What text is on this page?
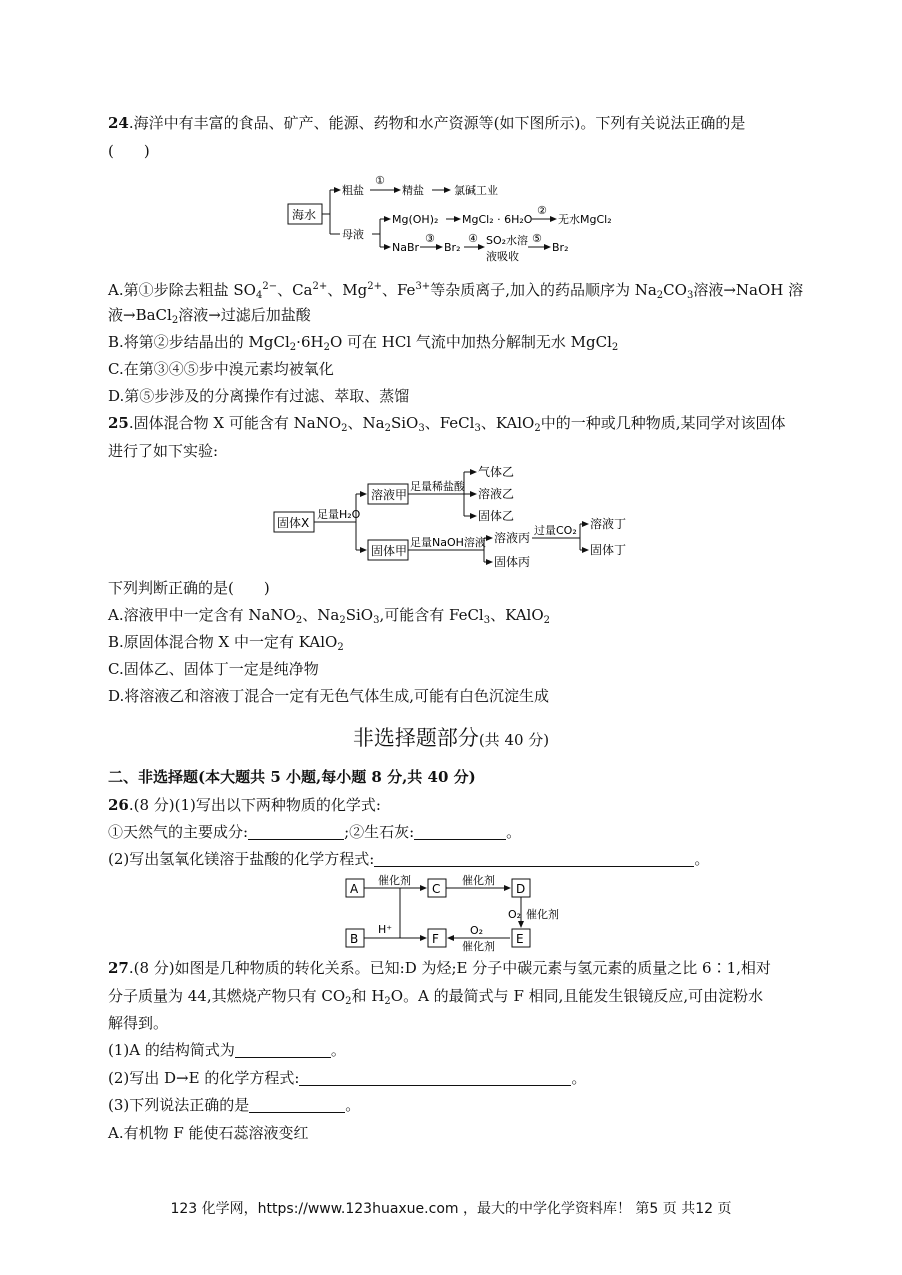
24.海洋中有丰富的食品、矿产、能源、药物和水产资源等(如下图所示)。下列有关说法正确的是
(　　)
海水
粗盐
①
精盐	氯碱工业
母液
Mg(OH)₂ MgCl₂ · 6H₂O
②
无水MgCl₂
NaBr
③
Br₂
④ SO₂水溶
液吸收
⑤
Br₂
A.第①步除去粗盐 $SO_4^{2-}$、$Ca^{2+}$、$Mg^{2+}$、$Fe^{3+}$等杂质离子,加入的药品顺序为 $Na_2CO_3$溶液→NaOH 溶
液→BaCl$_2$溶液→过滤后加盐酸
B.将第②步结晶出的 $MgCl_2\cdot 6H_2O$ 可在 HCl 气流中加热分解制无水 MgCl$_2$
C.在第③④⑤步中溴元素均被氧化
D.第⑤步涉及的分离操作有过滤、萃取、蒸馏
25.固体混合物 X 可能含有 NaNO$_2$、$Na_2SiO_3$、FeCl$_3$、KAlO$_2$中的一种或几种物质,某同学对该固体
进行了如下实验:
固体X
足量H₂O
溶液甲
足量稀盐酸
气体乙
溶液乙
固体乙
固体甲
足量NaOH溶液 溶液丙
固体丙
过量CO₂ 溶液丁
固体丁
下列判断正确的是(　　)
A.溶液甲中一定含有 NaNO$_2$、$Na_2SiO_3$,可能含有 FeCl$_3$、KAlO$_2$
B.原固体混合物 X 中一定有 KAlO$_2$
C.固体乙、固体丁一定是纯净物
D.将溶液乙和溶液丁混合一定有无色气体生成,可能有白色沉淀生成
非选择题部分(共 40 分)
二、非选择题(本大题共 5 小题,每小题 8 分,共 40 分)
26.(8 分)(1)写出以下两种物质的化学式:
①天然气的主要成分:	;②生石灰:	。
(2)写出氢氧化镁溶于盐酸的化学方程式:	。
A	C	D
B	F	E
催化剂	催化剂
O₂ 催化剂
H⁺	O₂
催化剂
27.(8 分)如图是几种物质的转化关系。已知:D 为烃;E 分子中碳元素与氢元素的质量之比 6∶1,相对
分子质量为 44,其燃烧产物只有 $CO_2$和 $H_2O$。A 的最简式与 F 相同,且能发生银镜反应,可由淀粉水
解得到。
(1)A 的结构简式为	。
(2)写出 D→E 的化学方程式:	。
(3)下列说法正确的是	。
A.有机物 F 能使石蕊溶液变红
123 化学网，https://www.123huaxue.com ，最大的中学化学资料库！ 第5 页 共12 页
